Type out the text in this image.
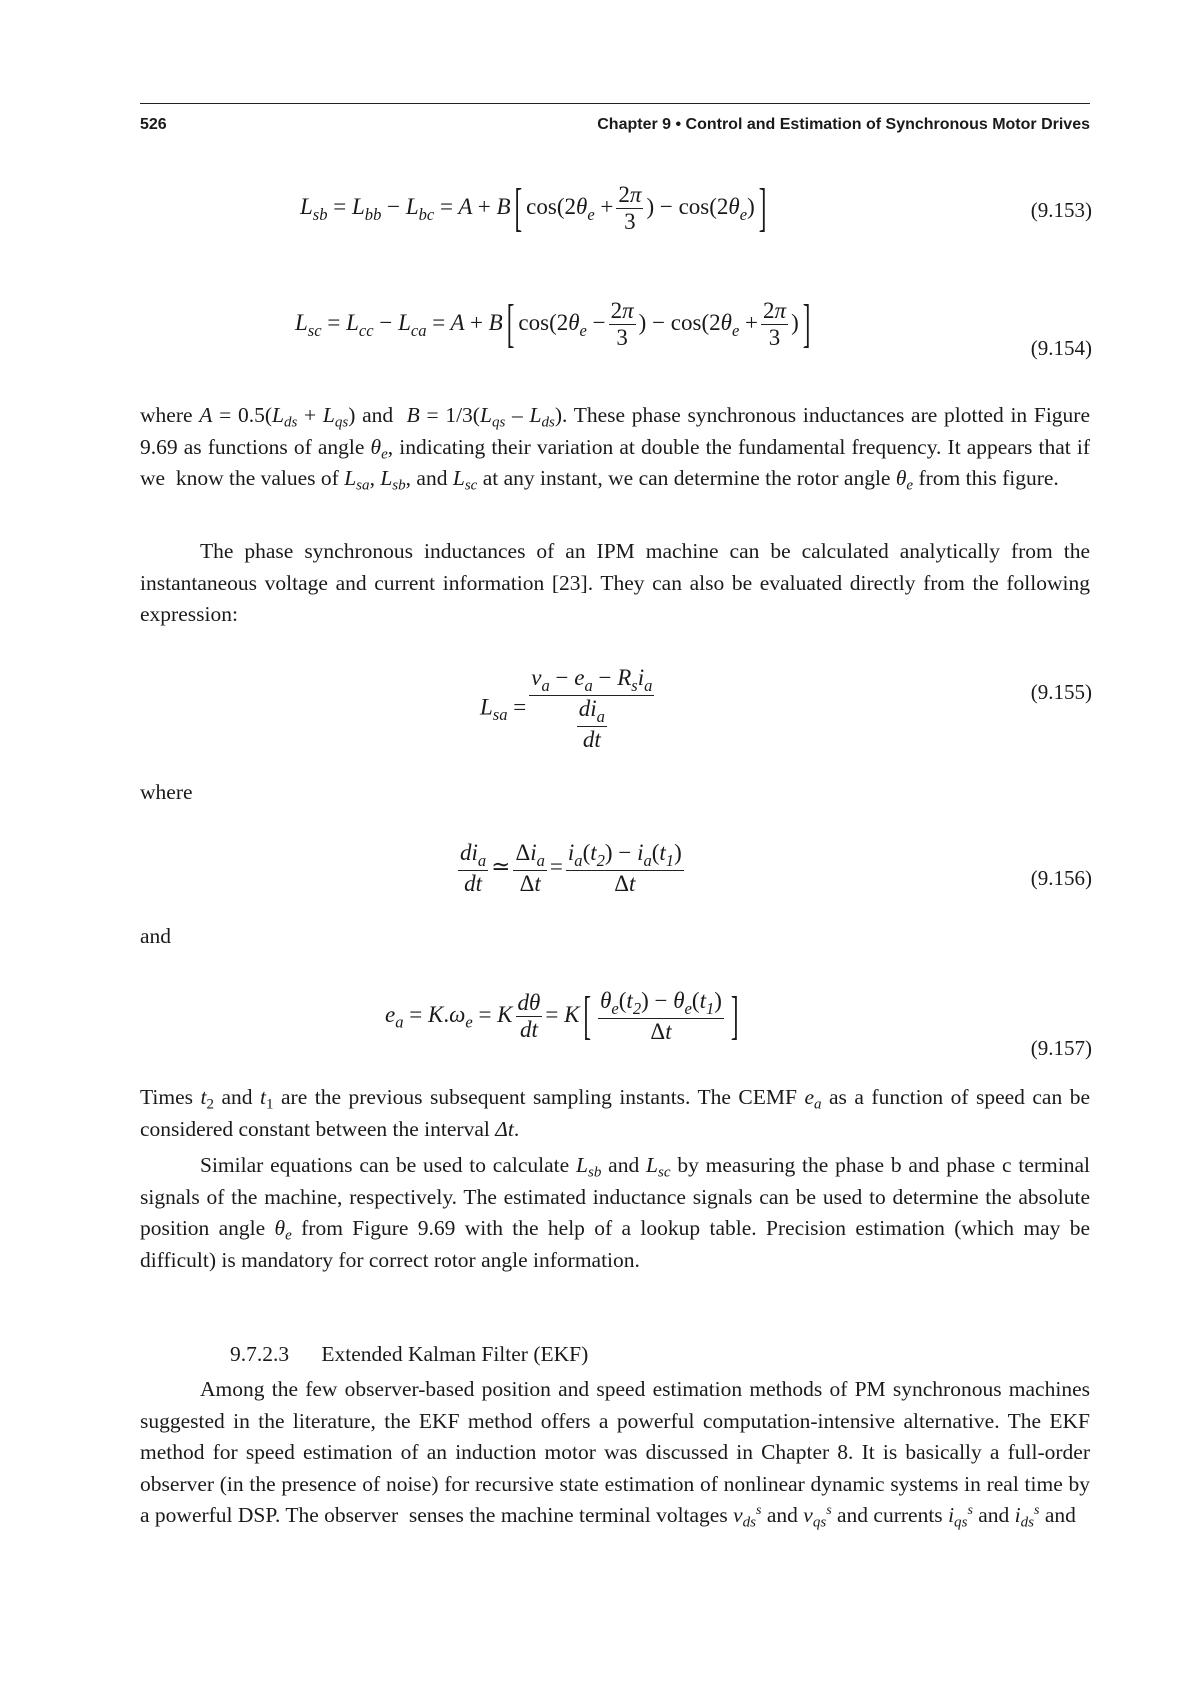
526	Chapter 9 • Control and Estimation of Synchronous Motor Drives
$L_{sb} = L_{bb} - L_{bc} = A + B$ [ $\cos(2\theta_e + \frac{2\pi}{3}$ ) − $\cos(2\theta_e)$ ]	(9.153)
$L_{sc} = L_{cc} - L_{ca} = A + B$ [ $\cos(2\theta_e - \frac{2\pi}{3}$ ) − $\cos(2\theta_e + \frac{2\pi}{3}$ ) ]	(9.154)
where $A = 0.5(L_{ds} + L_{qs})$ and  $B = 1/3(L_{qs} - L_{ds})$. These phase synchronous inductances are plotted in Figure 9.69 as functions of angle $\theta_e$, indicating their variation at double the fundamental frequency. It appears that if we  know the values of $L_{sa}$, $L_{sb}$, and $L_{sc}$ at any instant, we can determine the rotor angle $\theta_e$ from this figure.
The phase synchronous inductances of an IPM machine can be calculated analytically from the instantaneous voltage and current information [23]. They can also be evaluated directly from the following expression:
$L_{sa} = \frac{v_a - e_a - R_si_a}{\frac{di_a}{dt}}$	(9.155)
where
$\frac{di_a}{dt}$ ≃ $\frac{\Delta i_a}{\Delta t} = \frac{i_a(t_2) - i_a(t_1)}{\Delta t}$	(9.156)
and
$e_a = K.\omega_e = K \frac{d\theta}{dt} = K$ [ $\frac{\theta_e(t_2) - \theta_e(t_1)}{\Delta t}$ ]
(9.157)
Times $t_2$ and $t_1$ are the previous subsequent sampling instants. The CEMF $e_a$ as a function of speed can be considered constant between the interval Δt.
Similar equations can be used to calculate $L_{sb}$ and $L_{sc}$ by measuring the phase b and phase c terminal signals of the machine, respectively. The estimated inductance signals can be used to determine the absolute position angle $\theta_e$ from Figure 9.69 with the help of a lookup table. Precision estimation (which may be difficult) is mandatory for correct rotor angle information.
9.7.2.3      Extended Kalman Filter (EKF)
Among the few observer-based position and speed estimation methods of PM synchronous machines suggested in the literature, the EKF method offers a powerful computation-intensive alternative. The EKF method for speed estimation of an induction motor was discussed in Chapter 8. It is basically a full-order observer (in the presence of noise) for recursive state estimation of nonlinear dynamic systems in real time by a powerful DSP. The observer  senses the machine terminal voltages $v_{ds}^s$ and $v_{qs}^s$ and currents $i_{qs}^s$ and $i_{ds}^s$ and
